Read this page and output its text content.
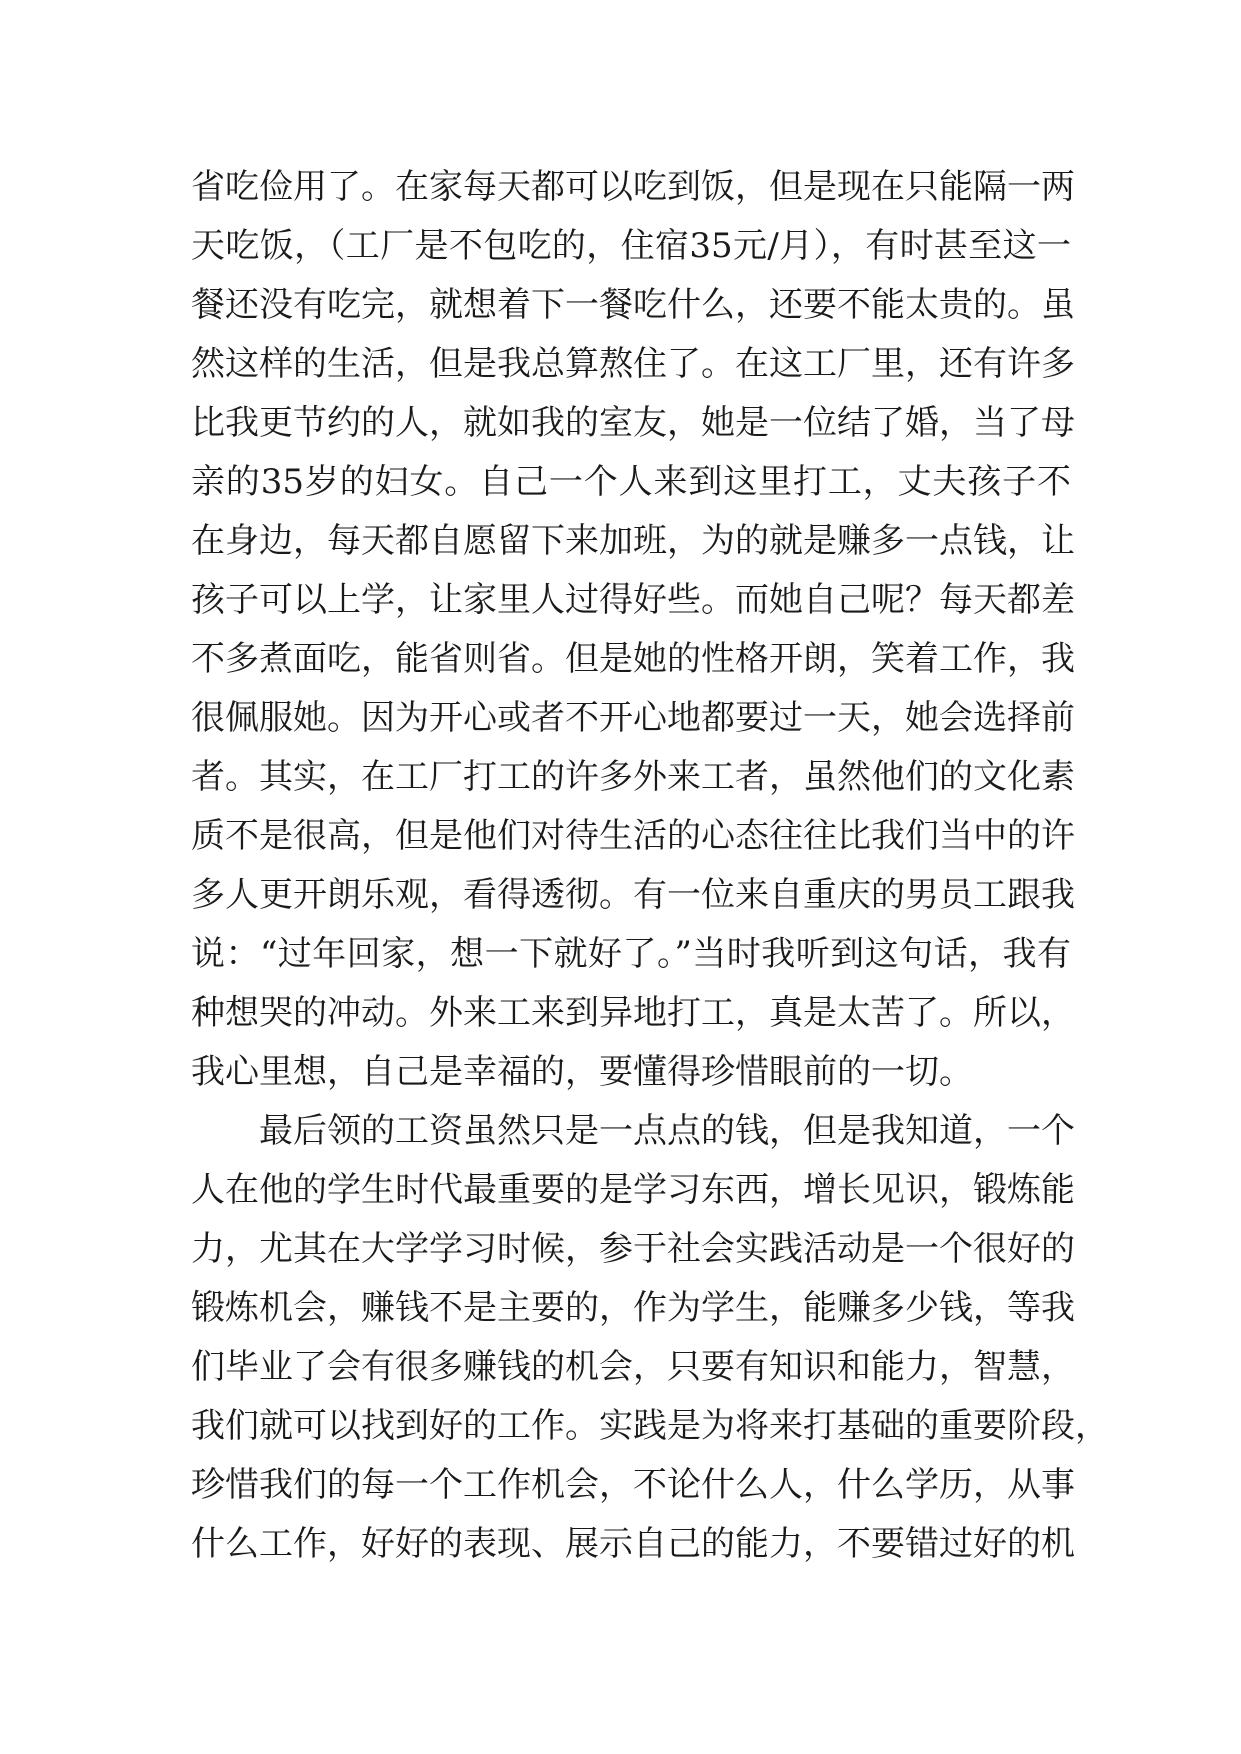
省吃俭用了。在家每天都可以吃到饭，但是现在只能隔一两
天吃饭，（工厂是不包吃的，住宿35元/月），有时甚至这一
餐还没有吃完，就想着下一餐吃什么，还要不能太贵的。虽
然这样的生活，但是我总算熬住了。在这工厂里，还有许多
比我更节约的人，就如我的室友，她是一位结了婚，当了母
亲的35岁的妇女。自己一个人来到这里打工，丈夫孩子不
在身边，每天都自愿留下来加班，为的就是赚多一点钱，让
孩子可以上学，让家里人过得好些。而她自己呢？每天都差
不多煮面吃，能省则省。但是她的性格开朗，笑着工作，我
很佩服她。因为开心或者不开心地都要过一天，她会选择前
者。其实，在工厂打工的许多外来工者，虽然他们的文化素
质不是很高，但是他们对待生活的心态往往比我们当中的许
多人更开朗乐观，看得透彻。有一位来自重庆的男员工跟我
说：“过年回家，想一下就好了。”当时我听到这句话，我有
种想哭的冲动。外来工来到异地打工，真是太苦了。所以，
我心里想，自己是幸福的，要懂得珍惜眼前的一切。
最后领的工资虽然只是一点点的钱，但是我知道，一个
人在他的学生时代最重要的是学习东西，增长见识，锻炼能
力，尤其在大学学习时候，参于社会实践活动是一个很好的
锻炼机会，赚钱不是主要的，作为学生，能赚多少钱，等我
们毕业了会有很多赚钱的机会，只要有知识和能力，智慧，
我们就可以找到好的工作。实践是为将来打基础的重要阶段，
珍惜我们的每一个工作机会，不论什么人，什么学历，从事
什么工作，好好的表现、展示自己的能力，不要错过好的机
